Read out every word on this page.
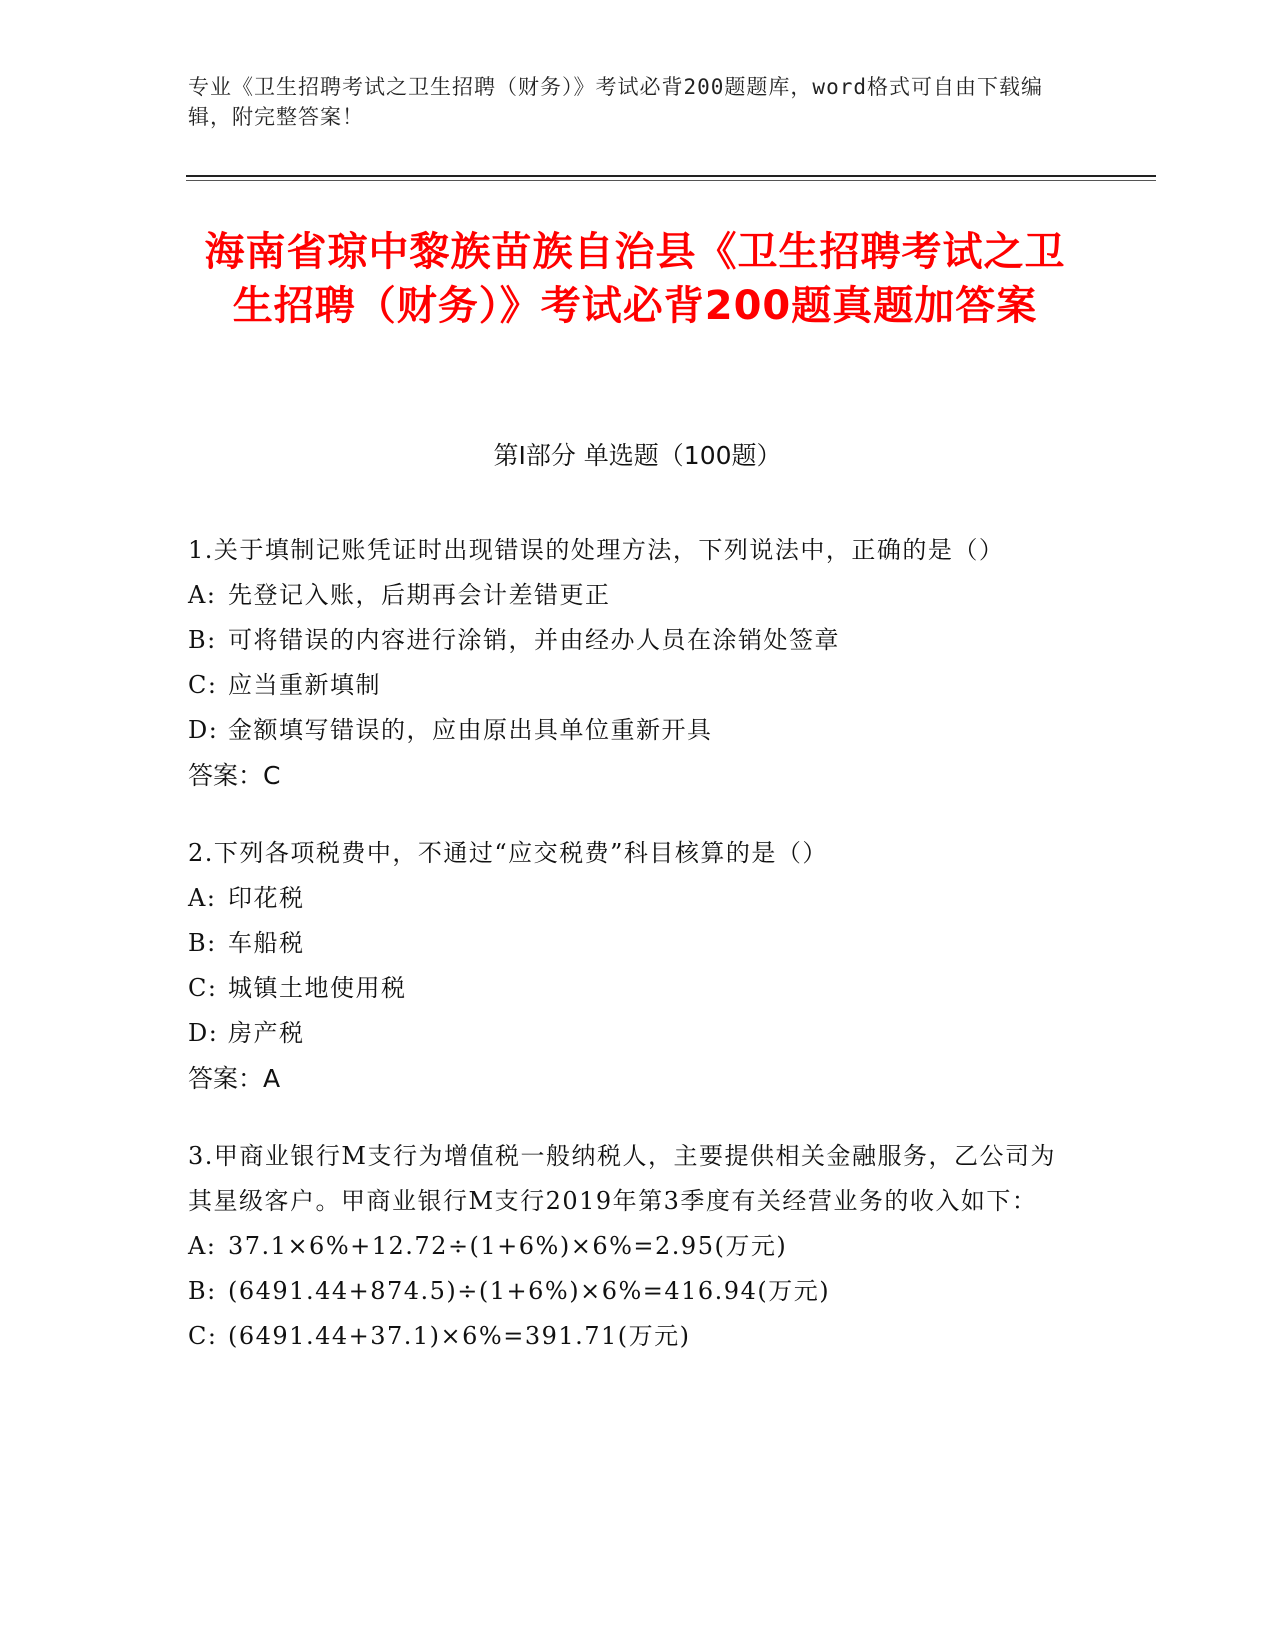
专业《卫生招聘考试之卫生招聘（财务）》考试必背200题题库，word格式可自由下载编辑，附完整答案！
海南省琼中黎族苗族自治县《卫生招聘考试之卫生招聘（财务）》考试必背200题真题加答案
第Ⅰ部分 单选题（100题）
1.关于填制记账凭证时出现错误的处理方法，下列说法中，正确的是（）
A: 先登记入账，后期再会计差错更正
B: 可将错误的内容进行涂销，并由经办人员在涂销处签章
C: 应当重新填制
D: 金额填写错误的，应由原出具单位重新开具
答案：C
2.下列各项税费中，不通过“应交税费”科目核算的是（）
A: 印花税
B: 车船税
C: 城镇土地使用税
D: 房产税
答案：A
3.甲商业银行M支行为增值税一般纳税人，主要提供相关金融服务，乙公司为其星级客户。甲商业银行M支行2019年第3季度有关经营业务的收入如下：
A: 37.1×6%+12.72÷(1+6%)×6%=2.95(万元)
B: (6491.44+874.5)÷(1+6%)×6%=416.94(万元)
C: (6491.44+37.1)×6%=391.71(万元)
